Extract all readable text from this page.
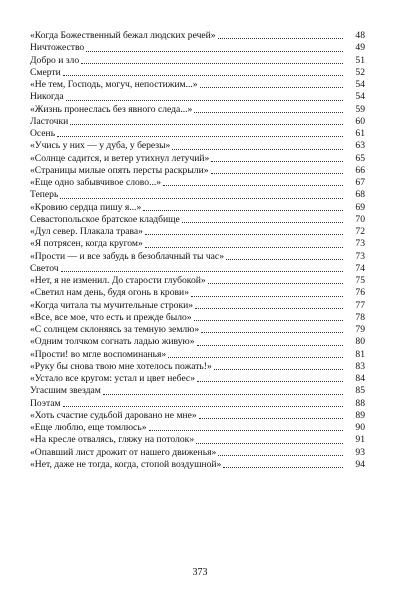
«Когда Божественный бежал людских речей»	48
Ничтожество	49
Добро и зло	51
Смерти	52
«Не тем, Господь, могуч, непостижим...»	54
Никогда	54
«Жизнь пронеслась без явного следа...»	59
Ласточки	60
Осень	61
«Учись у них — у дуба, у березы»	63
«Солнце садится, и ветер утихнул летучий»	65
«Страницы милые опять персты раскрыли»	66
«Еще одно забывчивое слово...»	67
Теперь	68
«Кровию сердца пишу я...»	69
Севастопольское братское кладбище	70
«Дул север. Плакала трава»	72
«Я потрясен, когда кругом»	73
«Прости — и все забудь в безоблачный ты час»	73
Светоч	74
«Нет, я не изменил. До старости глубокой»	75
«Светил нам день, будя огонь в крови»	76
«Когда читала ты мучительные строки»	77
«Все, все мое, что есть и прежде было»	78
«С солнцем склоняясь за темную землю»	79
«Одним толчком согнать ладью живую»	80
«Прости! во мгле воспоминанья»	81
«Руку бы снова твою мне хотелось пожать!»	83
«Устало все кругом: устал и цвет небес»	84
Угасшим звездам	85
Поэтам	88
«Хоть счастие судьбой даровано не мне»	89
«Еще люблю, еще томлюсь»	90
«На кресле отвалясь, гляжу на потолок»	91
«Опавший лист дрожит от нашего движенья»	93
«Нет, даже не тогда, когда, стопой воздушной»	94
373
